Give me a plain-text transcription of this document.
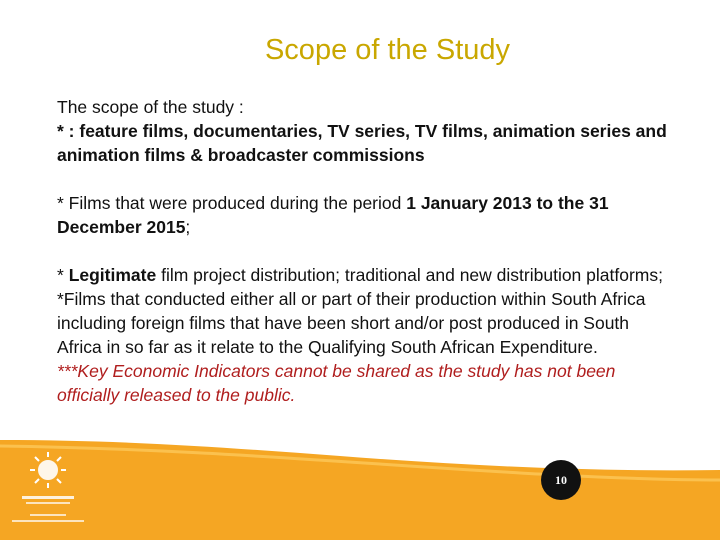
Scope of the Study

The scope of the study :

* : feature films, documentaries, TV series, TV films, animation series and animation films & broadcaster commissions

* Films that were produced during the period 1 January 2013 to the 31 December 2015;

* Legitimate film project distribution; traditional and new distribution platforms;

*Films that conducted either all or part of their production within South Africa including foreign films that have been short and/or post produced in South Africa in so far as it relate to the Qualifying South African Expenditure.

***Key Economic Indicators cannot be shared as the study has not been officially released to the public.

10
